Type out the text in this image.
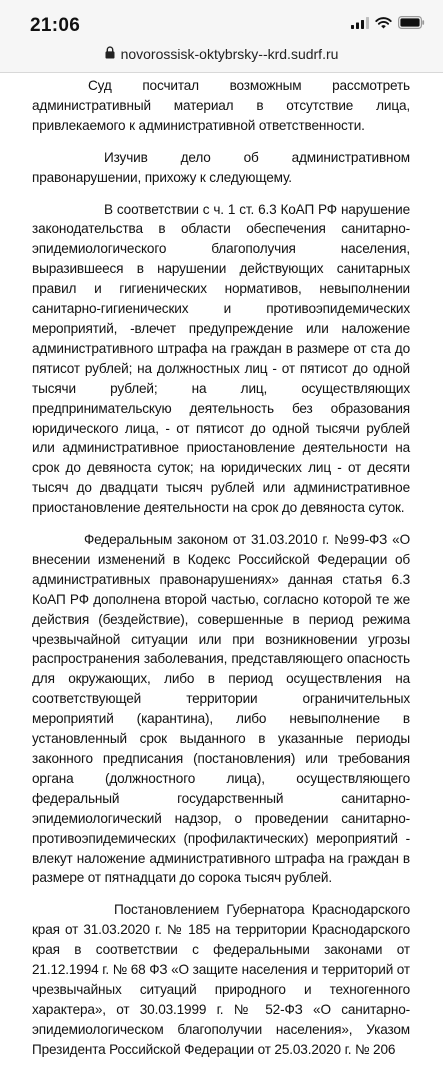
21:06
novorossisk-oktybrsky--krd.sudrf.ru

Суд посчитал возможным рассмотреть административный материал в отсутствие лица, привлекаемого к административной ответственности.

Изучив дело об административном правонарушении, прихожу к следующему.

В соответствии с ч. 1 ст. 6.3 КоАП РФ нарушение законодательства в области обеспечения санитарно-эпидемиологического благополучия населения, выразившееся в нарушении действующих санитарных правил и гигиенических нормативов, невыполнении санитарно-гигиенических и противоэпидемических мероприятий, -влечет предупреждение или наложение административного штрафа на граждан в размере от ста до пятисот рублей; на должностных лиц - от пятисот до одной тысячи рублей; на лиц, осуществляющих предпринимательскую деятельность без образования юридического лица, - от пятисот до одной тысячи рублей или административное приостановление деятельности на срок до девяноста суток; на юридических лиц - от десяти тысяч до двадцати тысяч рублей или административное приостановление деятельности на срок до девяноста суток.

Федеральным законом от 31.03.2010 г. №99-ФЗ «О внесении изменений в Кодекс Российской Федерации об административных правонарушениях» данная статья 6.3 КоАП РФ дополнена второй частью, согласно которой те же действия (бездействие), совершенные в период режима чрезвычайной ситуации или при возникновении угрозы распространения заболевания, представляющего опасность для окружающих, либо в период осуществления на соответствующей территории ограничительных мероприятий (карантина), либо невыполнение в установленный срок выданного в указанные периоды законного предписания (постановления) или требования органа (должностного лица), осуществляющего федеральный государственный санитарно-эпидемиологический надзор, о проведении санитарно-противоэпидемических (профилактических) мероприятий - влекут наложение административного штрафа на граждан в размере от пятнадцати до сорока тысяч рублей.

Постановлением Губернатора Краснодарского края от 31.03.2020 г. № 185 на территории Краснодарского края в соответствии с федеральными законами от 21.12.1994 г. № 68 ФЗ «О защите населения и территорий от чрезвычайных ситуаций природного и техногенного характера», от 30.03.1999 г. № 52-ФЗ «О санитарно-эпидемиологическом благополучии населения», Указом Президента Российской Федерации от 25.03.2020 г. № 206
